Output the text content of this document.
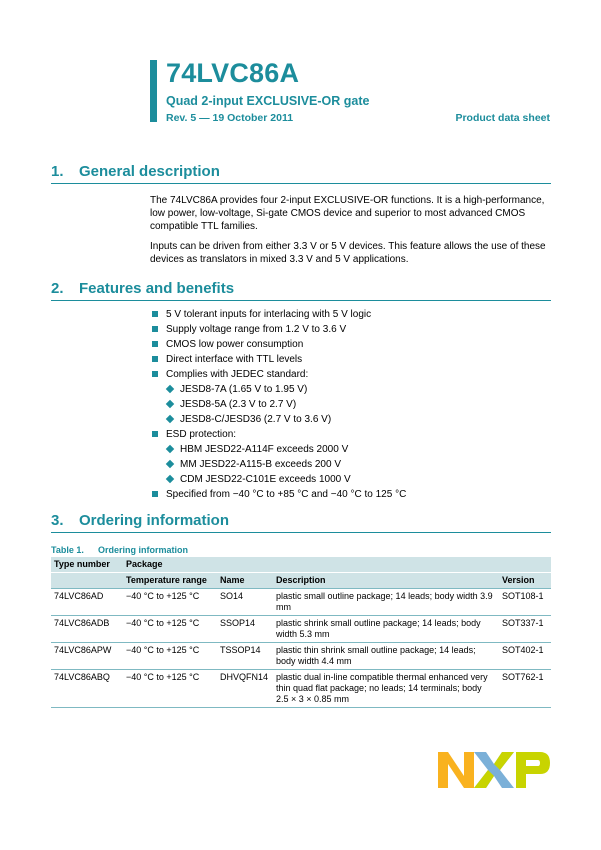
74LVC86A
Quad 2-input EXCLUSIVE-OR gate
Rev. 5 — 19 October 2011	Product data sheet
1. General description
The 74LVC86A provides four 2-input EXCLUSIVE-OR functions. It is a high-performance, low power, low-voltage, Si-gate CMOS device and superior to most advanced CMOS compatible TTL families.
Inputs can be driven from either 3.3 V or 5 V devices. This feature allows the use of these devices as translators in mixed 3.3 V and 5 V applications.
2. Features and benefits
5 V tolerant inputs for interlacing with 5 V logic
Supply voltage range from 1.2 V to 3.6 V
CMOS low power consumption
Direct interface with TTL levels
Complies with JEDEC standard:
JESD8-7A (1.65 V to 1.95 V)
JESD8-5A (2.3 V to 2.7 V)
JESD8-C/JESD36 (2.7 V to 3.6 V)
ESD protection:
HBM JESD22-A114F exceeds 2000 V
MM JESD22-A115-B exceeds 200 V
CDM JESD22-C101E exceeds 1000 V
Specified from −40 °C to +85 °C and −40 °C to 125 °C
3. Ordering information
Table 1. Ordering information
Type number	Package			
	Temperature range	Name	Description	Version
74LVC86AD	−40 °C to +125 °C	SO14	plastic small outline package; 14 leads; body width 3.9 mm	SOT108-1
74LVC86ADB	−40 °C to +125 °C	SSOP14	plastic shrink small outline package; 14 leads; body width 5.3 mm	SOT337-1
74LVC86APW	−40 °C to +125 °C	TSSOP14	plastic thin shrink small outline package; 14 leads; body width 4.4 mm	SOT402-1
74LVC86ABQ	−40 °C to +125 °C	DHVQFN14	plastic dual in-line compatible thermal enhanced very thin quad flat package; no leads; 14 terminals; body 2.5 × 3 × 0.85 mm	SOT762-1
